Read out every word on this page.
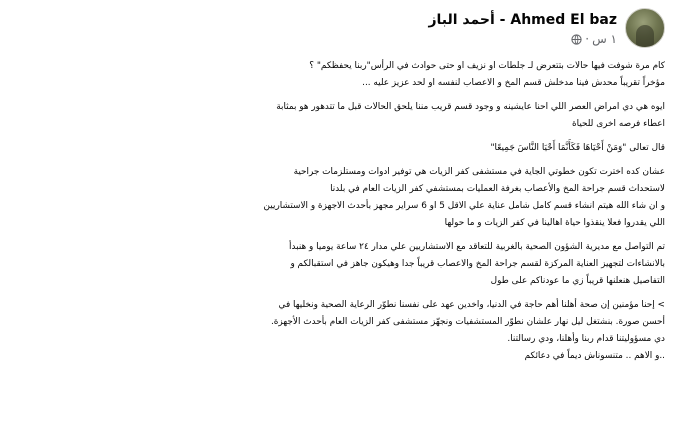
أحمد الباز - Ahmed El baz
١ س
·

كام مرة شوفت فيها حالات بتتعرض لـ جلطات او نزيف او حتى حوادث في الرأس"ربنا يحفظكم" ؟
مؤخراً تقريباً محدش فينا مدخلش قسم المخ و الاعصاب لنفسه او لحد عزيز عليه ...

ايوه هي دي امراض العصر اللي احنا عايشينه و وجود قسم قريب مننا يلحق الحالات قبل ما تتدهور هو بمثابة
اعطاء فرصه اخرى للحياة

قال تعالى "وَمَنْ أَحْيَاهَا فَكَأَنَّمَا أَحْيَا النَّاسَ جَمِيعًا"

عشان كده اخترت تكون خطوتي الجاية في مستشفى كفر الزيات هي توفير ادوات ومستلزمات جراحية
لاستحداث قسم جراحة المخ والأعصاب بغرفة العمليات بمستشفي كفر الزيات العام في بلدنا
و ان شاء الله هيتم انشاء قسم كامل شامل عناية علي الاقل 5 او 6 سراير مجهز بأحدث الاجهزة و الاستشاريين
اللي يقدروا فعلا ينقذوا حياة اهالينا في كفر الزيات و ما حولها

تم التواصل مع مديرية الشؤون الصحية بالغربية للتعاقد مع الاستشاريين علي مدار ٢٤ ساعة يوميا و هنبدأ
بالانشاءات لتجهيز العناية المركزة لقسم جراحة المخ والاعصاب قريباً جدا وهيكون جاهز في استقبالكم و
التفاصيل هنعلنها قريباً زي ما عودناكم على طول

> إحنا مؤمنين إن صحة أهلنا أهم حاجة في الدنيا، واخدين عهد على نفسنا نطوّر الرعاية الصحية ونخليها في
أحسن صورة. بنشتغل ليل نهار علشان نطوّر المستشفيات ونجهّز مستشفى كفر الزيات العام بأحدث الأجهزة.
دي مسؤوليتنا قدام ربنا وأهلنا، ودي رسالتنا.
..و الاهم .. متنسوناش ديماً في دعائكم
